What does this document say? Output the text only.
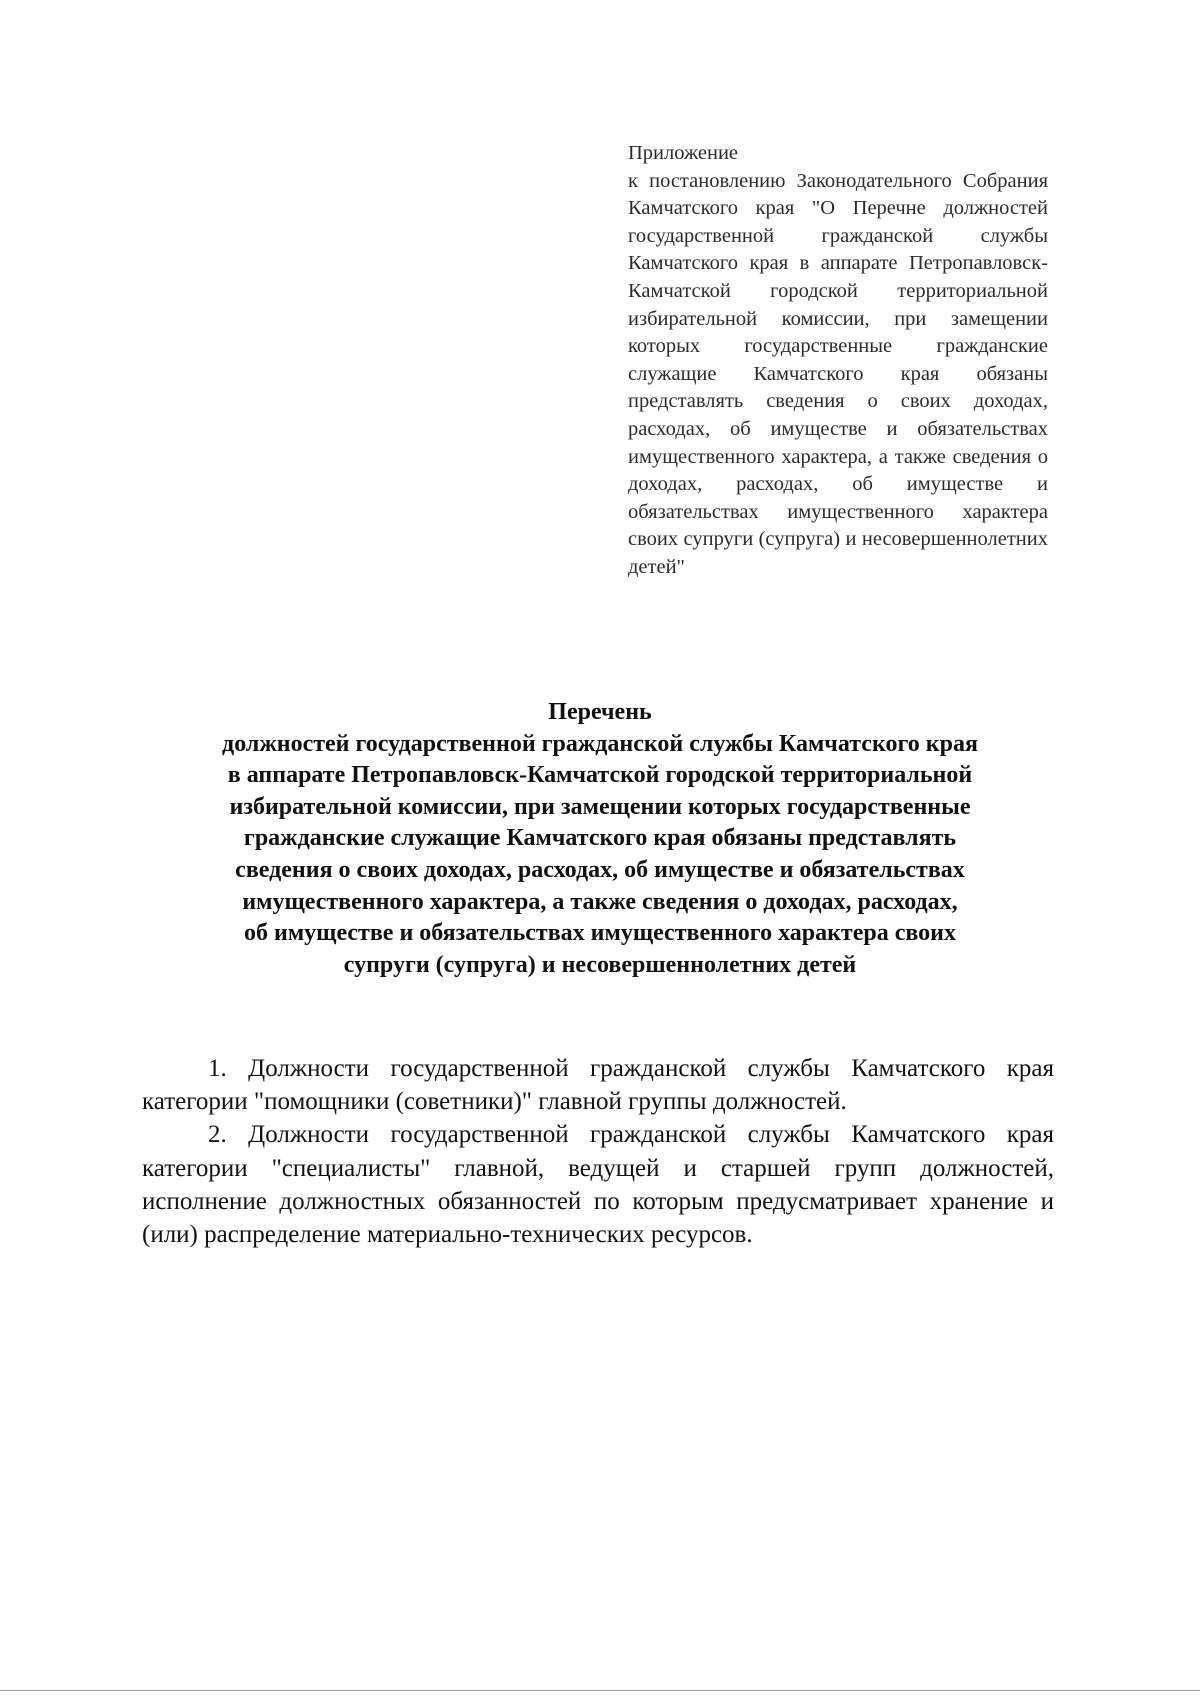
Приложение
к постановлению Законодательного Собрания Камчатского края "О Перечне должностей государственной гражданской службы Камчатского края в аппарате Петропавловск-Камчатской городской территориальной избирательной комиссии, при замещении которых государственные гражданские служащие Камчатского края обязаны представлять сведения о своих доходах, расходах, об имуществе и обязательствах имущественного характера, а также сведения о доходах, расходах, об имуществе и обязательствах имущественного характера своих супруги (супруга) и несовершеннолетних детей"
Перечень
должностей государственной гражданской службы Камчатского края
в аппарате Петропавловск-Камчатской городской территориальной
избирательной комиссии, при замещении которых государственные
гражданские служащие Камчатского края обязаны представлять
сведения о своих доходах, расходах, об имуществе и обязательствах
имущественного характера, а также сведения о доходах, расходах,
об имуществе и обязательствах имущественного характера своих
супруги (супруга) и несовершеннолетних детей

1. Должности государственной гражданской службы Камчатского края категории "помощники (советники)" главной группы должностей.

2. Должности государственной гражданской службы Камчатского края категории "специалисты" главной, ведущей и старшей групп должностей, исполнение должностных обязанностей по которым предусматривает хранение и (или) распределение материально-технических ресурсов.
